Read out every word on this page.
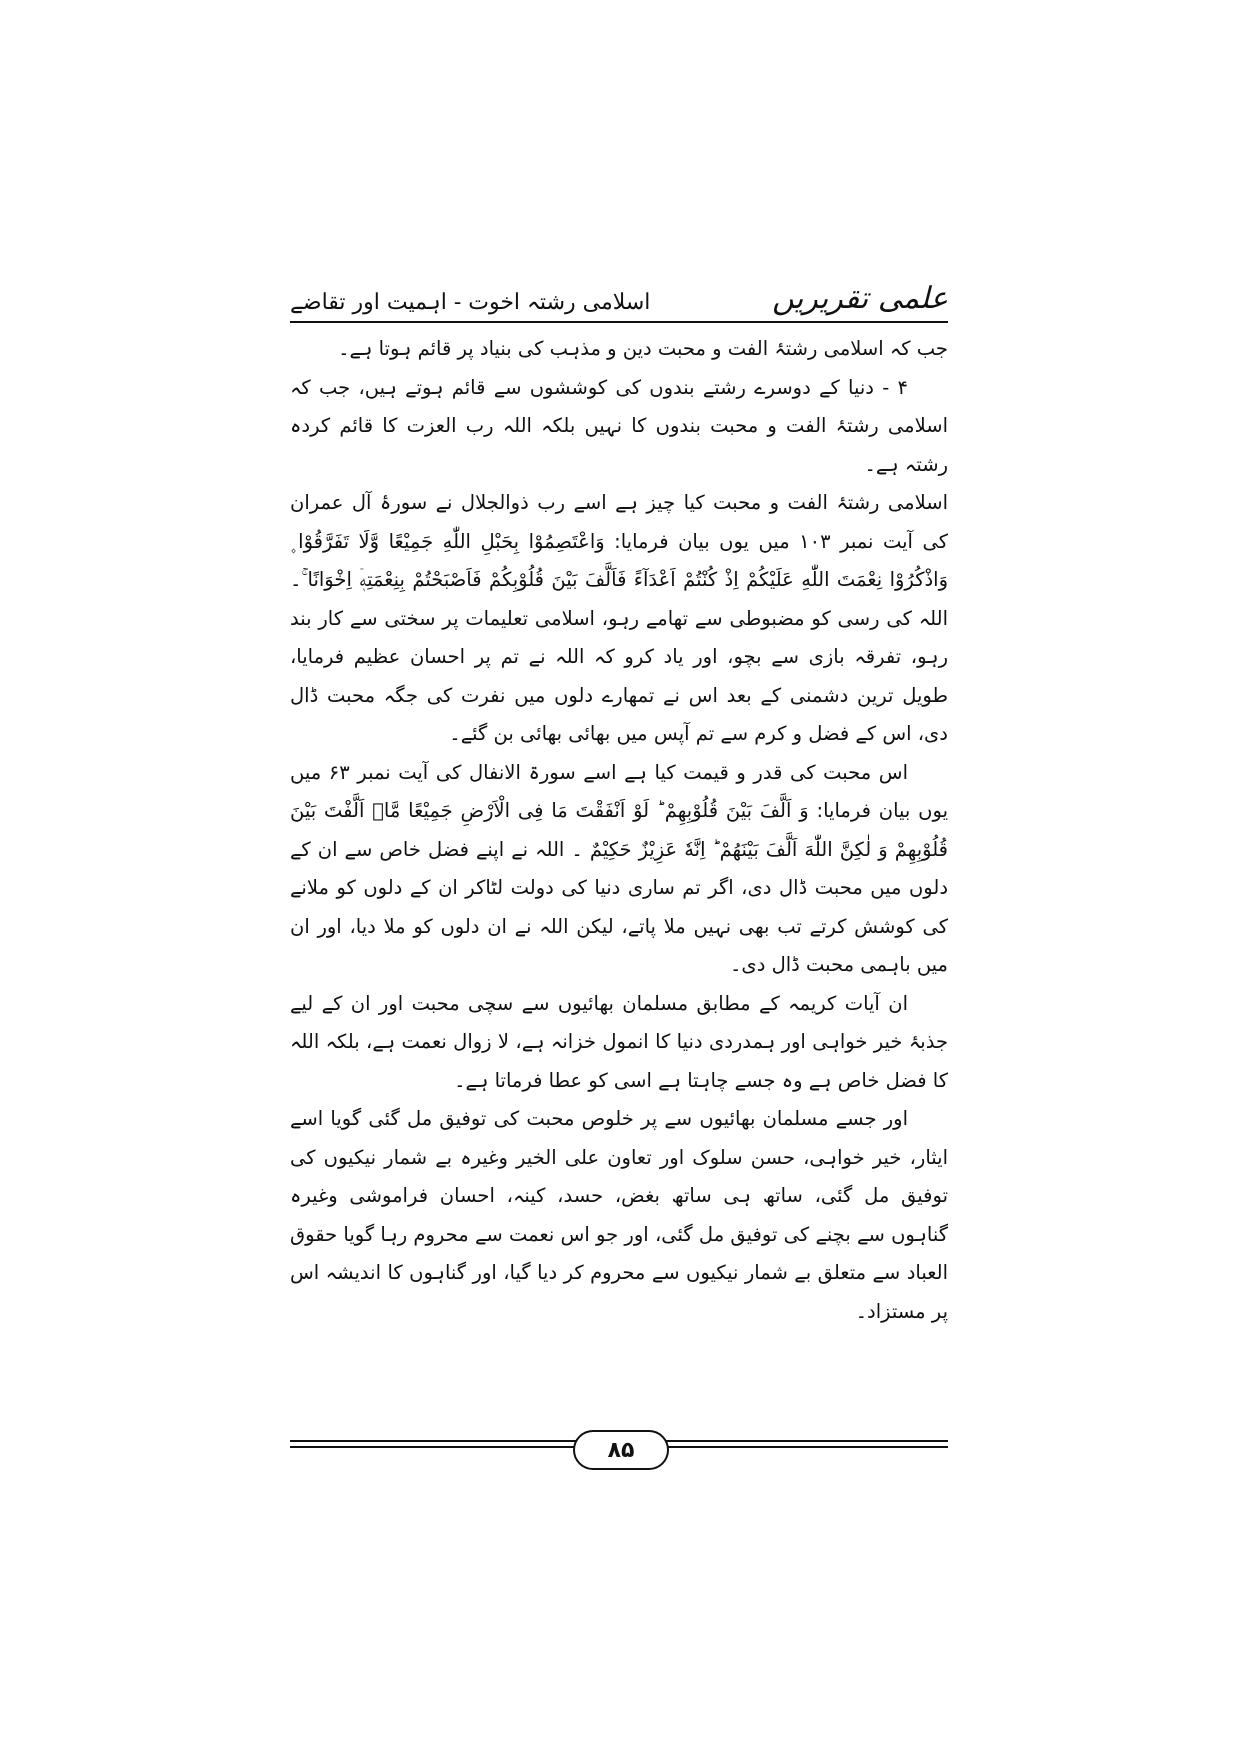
علمی تقریریں
اسلامی رشتہ اخوت - اہمیت اور تقاضے

جب کہ اسلامی رشتۂ الفت و محبت دین و مذہب کی بنیاد پر قائم ہوتا ہے۔

۴ - دنیا کے دوسرے رشتے بندوں کی کوششوں سے قائم ہوتے ہیں، جب کہ اسلامی رشتۂ الفت و محبت بندوں کا نہیں بلکہ اللہ رب العزت کا قائم کردہ رشتہ ہے۔

اسلامی رشتۂ الفت و محبت کیا چیز ہے اسے رب ذوالجلال نے سورۂ آل عمران کی آیت نمبر ۱۰۳ میں یوں بیان فرمایا: وَاعْتَصِمُوْا بِحَبْلِ اللّٰهِ جَمِیْعًا وَّلَا تَفَرَّقُوْا ۪ وَاذْكُرُوْا نِعْمَتَ اللّٰهِ عَلَیْكُمْ اِذْ كُنْتُمْ اَعْدَآءً فَاَلَّفَ بَیْنَ قُلُوْبِكُمْ فَاَصْبَحْتُمْ بِنِعْمَتِهٖۤ اِخْوَانًا ۚ۔ اللہ کی رسی کو مضبوطی سے تھامے رہو، اسلامی تعلیمات پر سختی سے کار بند رہو، تفرقہ بازی سے بچو، اور یاد کرو کہ اللہ نے تم پر احسان عظیم فرمایا، طویل ترین دشمنی کے بعد اس نے تمھارے دلوں میں نفرت کی جگہ محبت ڈال دی، اس کے فضل و کرم سے تم آپس میں بھائی بھائی بن گئے۔

اس محبت کی قدر و قیمت کیا ہے اسے سورۃ الانفال کی آیت نمبر ۶۳ میں یوں بیان فرمایا: وَ اَلَّفَ بَیْنَ قُلُوْبِهِمْ ؕ لَوْ اَنْفَقْتَ مَا فِی الْاَرْضِ جَمِیْعًا مَّاۤ اَلَّفْتَ بَیْنَ قُلُوْبِهِمْ وَ لٰكِنَّ اللّٰهَ اَلَّفَ بَیْنَهُمْ ؕ اِنَّهٗ عَزِیْزٌ حَكِیْمٌ ۔ اللہ نے اپنے فضل خاص سے ان کے دلوں میں محبت ڈال دی، اگر تم ساری دنیا کی دولت لٹاکر ان کے دلوں کو ملانے کی کوشش کرتے تب بھی نہیں ملا پاتے، لیکن اللہ نے ان دلوں کو ملا دیا، اور ان میں باہمی محبت ڈال دی۔

ان آیات کریمہ کے مطابق مسلمان بھائیوں سے سچی محبت اور ان کے لیے جذبۂ خیر خواہی اور ہمدردی دنیا کا انمول خزانہ ہے، لا زوال نعمت ہے، بلکہ اللہ کا فضل خاص ہے وہ جسے چاہتا ہے اسی کو عطا فرماتا ہے۔

اور جسے مسلمان بھائیوں سے پر خلوص محبت کی توفیق مل گئی گویا اسے ایثار، خیر خواہی، حسن سلوک اور تعاون علی الخیر وغیرہ بے شمار نیکیوں کی توفیق مل گئی، ساتھ ہی ساتھ بغض، حسد، کینہ، احسان فراموشی وغیرہ گناہوں سے بچنے کی توفیق مل گئی، اور جو اس نعمت سے محروم رہا گویا حقوق العباد سے متعلق بے شمار نیکیوں سے محروم کر دیا گیا، اور گناہوں کا اندیشہ اس پر مستزاد۔

۸۵
